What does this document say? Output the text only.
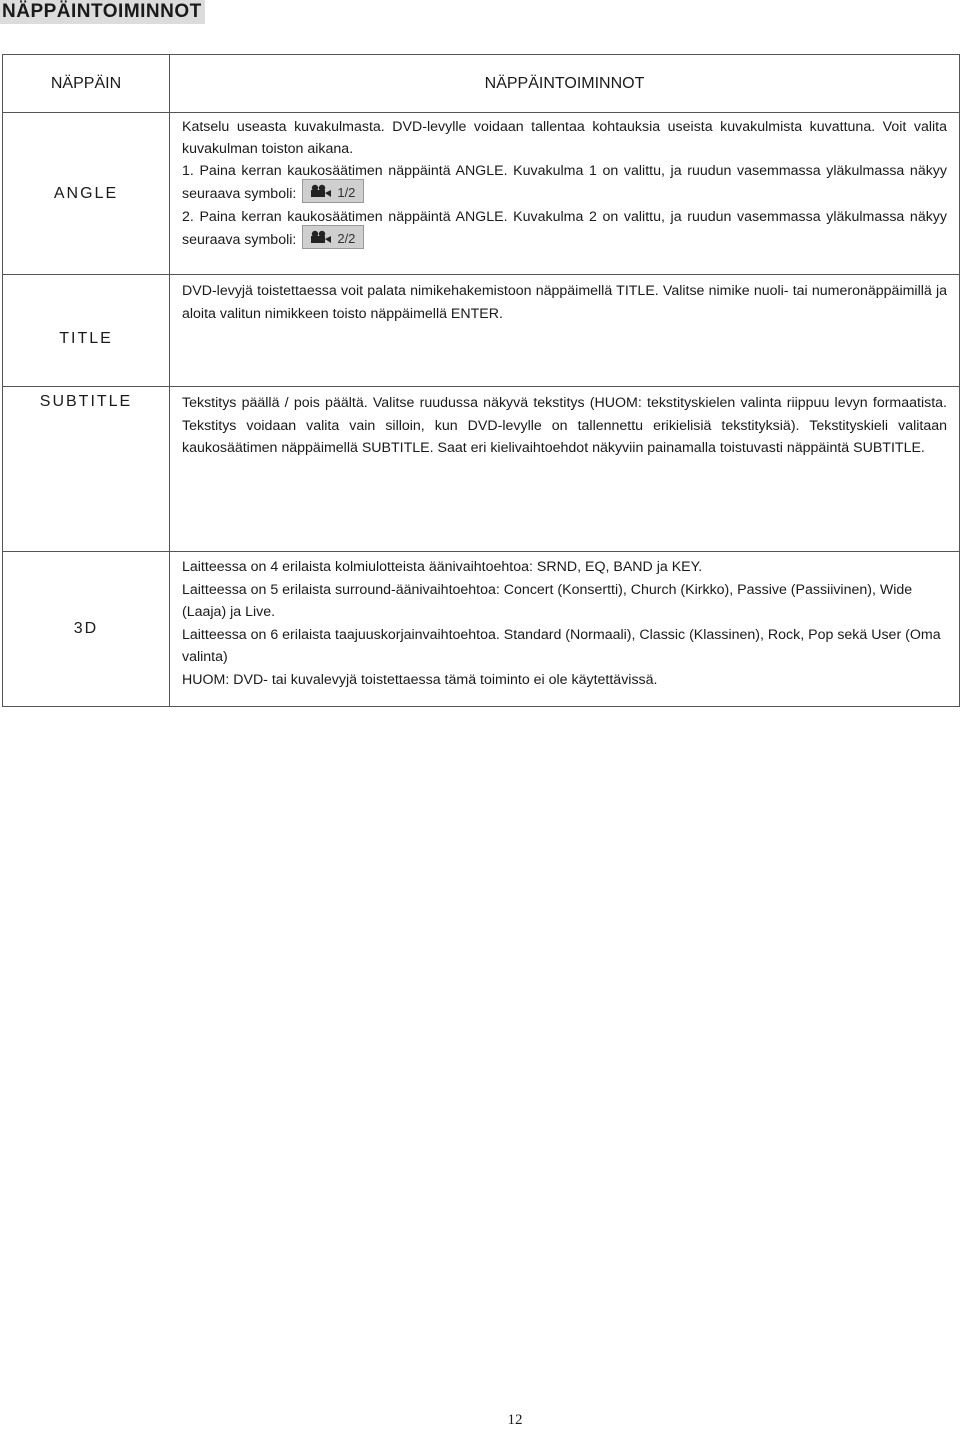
NÄPPÄINTOIMINNOT
NÄPPÄIN	NÄPPÄINTOIMINNOT
ANGLE	Katselu useasta kuvakulmasta. DVD-levylle voidaan tallentaa kohtauksia useista kuvakulmista kuvattuna. Voit valita kuvakulman toiston aikana.

1. Paina kerran kaukosäätimen näppäintä ANGLE. Kuvakulma 1 on valittu, ja ruudun vasemmassa yläkulmassa näkyy seuraava symboli: 1/2

2. Paina kerran kaukosäätimen näppäintä ANGLE. Kuvakulma 2 on valittu, ja ruudun vasemmassa yläkulmassa näkyy seuraava symboli: 2/2

TITLE	DVD-levyjä toistettaessa voit palata nimikehakemistoon näppäimellä TITLE. Valitse nimike nuoli- tai numeronäppäimillä ja aloita valitun nimikkeen toisto näppäimellä ENTER.

SUBTITLE	Tekstitys päällä / pois päältä. Valitse ruudussa näkyvä tekstitys (HUOM: tekstityskielen valinta riippuu levyn formaatista. Tekstitys voidaan valita vain silloin, kun DVD-levylle on tallennettu erikielisiä tekstityksiä). Tekstityskieli valitaan kaukosäätimen näppäimellä SUBTITLE. Saat eri kielivaihtoehdot näkyviin painamalla toistuvasti näppäintä SUBTITLE.

3D	Laitteessa on 4 erilaista kolmiulotteista äänivaihtoehtoa: SRND, EQ, BAND ja KEY.

Laitteessa on 5 erilaista surround-äänivaihtoehtoa: Concert (Konsertti), Church (Kirkko), Passive (Passiivinen), Wide (Laaja) ja Live.

Laitteessa on 6 erilaista taajuuskorjainvaihtoehtoa. Standard (Normaali), Classic (Klassinen), Rock, Pop sekä User (Oma valinta)

HUOM: DVD- tai kuvalevyjä toistettaessa tämä toiminto ei ole käytettävissä.

12
